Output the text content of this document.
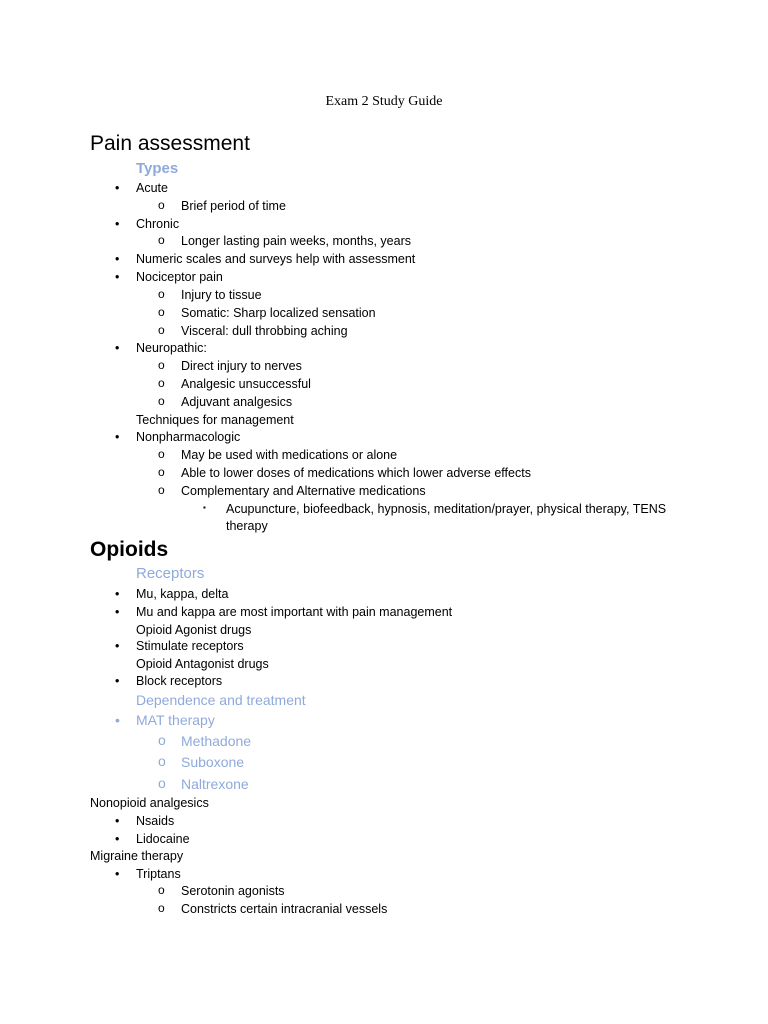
Exam 2 Study Guide
Pain assessment
Types
• Acute
o Brief period of time
• Chronic
o Longer lasting pain weeks, months, years
• Numeric scales and surveys help with assessment
• Nociceptor pain
o Injury to tissue
o Somatic: Sharp localized sensation
o Visceral: dull throbbing aching
• Neuropathic:
o Direct injury to nerves
o Analgesic unsuccessful
o Adjuvant analgesics
Techniques for management
• Nonpharmacologic
o May be used with medications or alone
o Able to lower doses of medications which lower adverse effects
o Complementary and Alternative medications
▪ Acupuncture, biofeedback, hypnosis, meditation/prayer, physical therapy, TENS
therapy
Opioids
Receptors
• Mu, kappa, delta
• Mu and kappa are most important with pain management
Opioid Agonist drugs
• Stimulate receptors
Opioid Antagonist drugs
• Block receptors
Dependence and treatment
• MAT therapy
o Methadone
o Suboxone
o Naltrexone
Nonopioid analgesics
• Nsaids
• Lidocaine
Migraine therapy
• Triptans
o Serotonin agonists
o Constricts certain intracranial vessels
